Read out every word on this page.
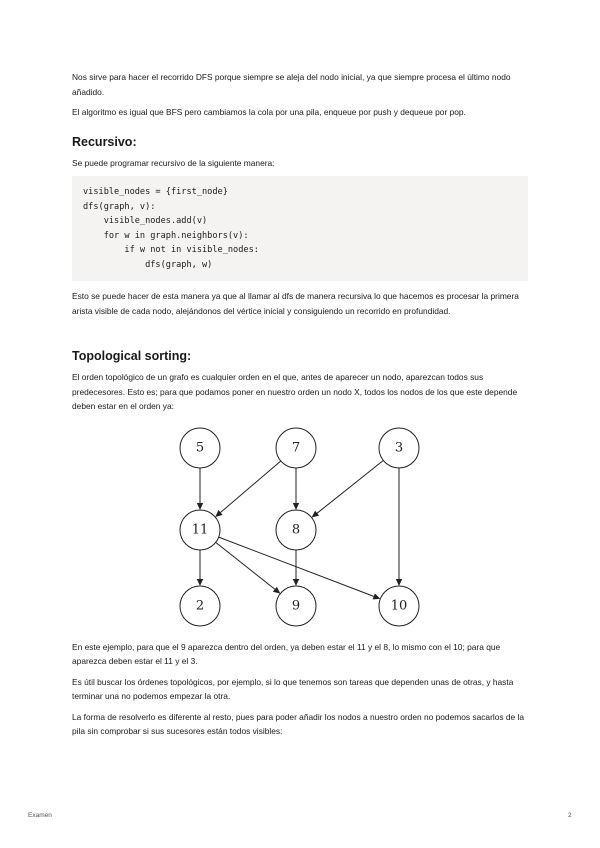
Nos sirve para hacer el recorrido DFS porque siempre se aleja del nodo inicial, ya que siempre procesa el último nodo añadido.

El algoritmo es igual que BFS pero cambiamos la cola por una pila, enqueue por push y dequeue por pop.

Recursivo:

Se puede programar recursivo de la siguiente manera:

visible_nodes = {first_node}
dfs(graph, v):
visible_nodes.add(v)
for w in graph.neighbors(v):
if w not in visible_nodes:
dfs(graph, w)

Esto se puede hacer de esta manera ya que al llamar al dfs de manera recursiva lo que hacemos es procesar la primera arista visible de cada nodo, alejándonos del vértice inicial y consiguiendo un recorrido en profundidad.

Topological sorting:

El orden topológico de un grafo es cualquier orden en el que, antes de aparecer un nodo, aparezcan todos sus predecesores. Esto es; para que podamos poner en nuestro orden un nodo X, todos los nodos de los que este depende deben estar en el orden ya:

5	7	3
11	8
2	9	10

En este ejemplo, para que el 9 aparezca dentro del orden, ya deben estar el 11 y el 8, lo mismo con el 10; para que aparezca deben estar el 11 y el 3.

Es útil buscar los órdenes topológicos, por ejemplo, si lo que tenemos son tareas que dependen unas de otras, y hasta terminar una no podemos empezar la otra.

La forma de resolverlo es diferente al resto, pues para poder añadir los nodos a nuestro orden no podemos sacarlos de la pila sin comprobar si sus sucesores están todos visibles:

Examen	2
